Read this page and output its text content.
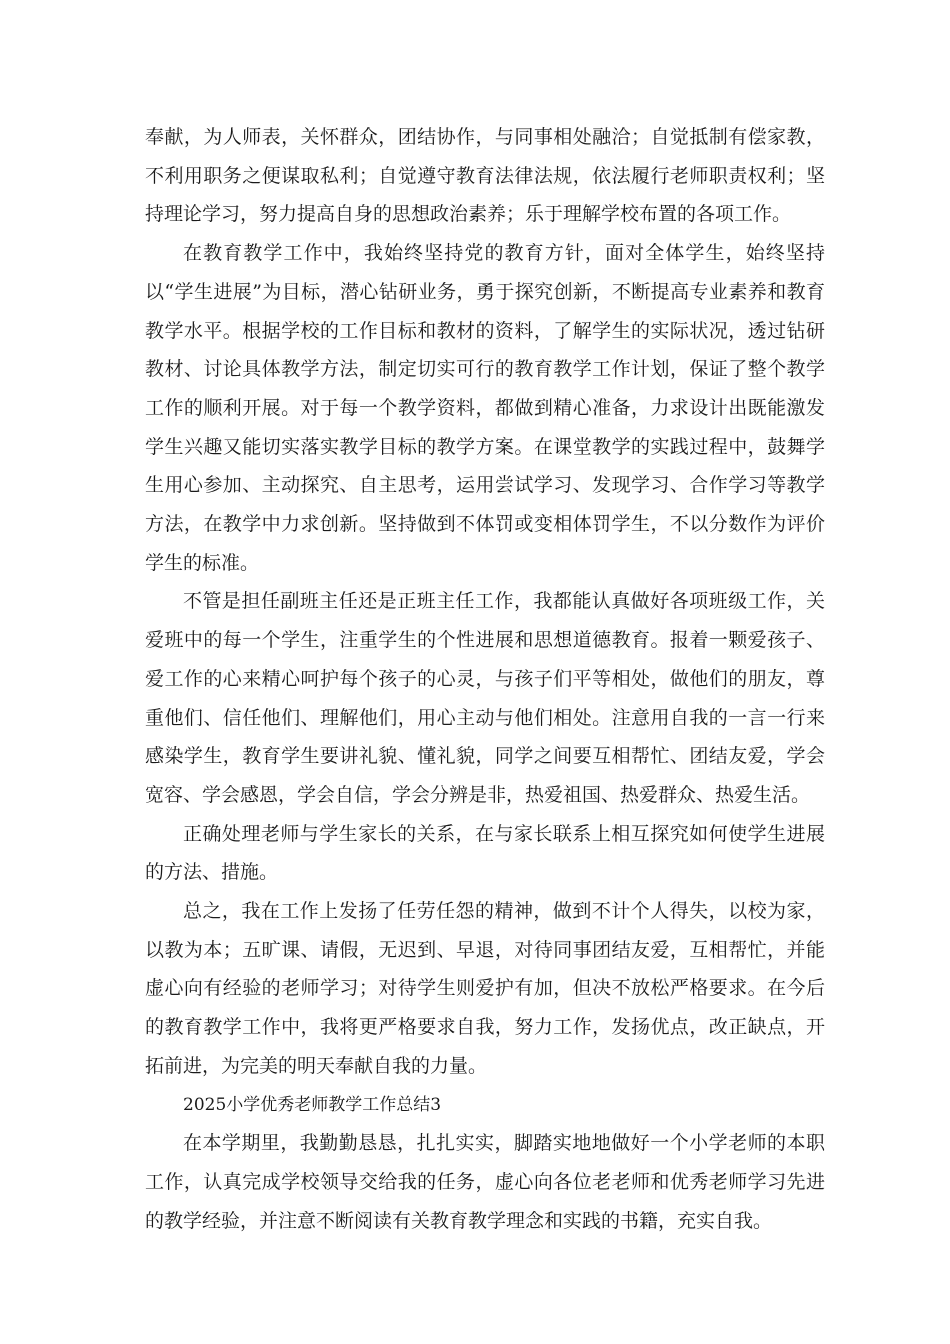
奉献，为人师表，关怀群众，团结协作，与同事相处融洽；自觉抵制有偿家教，不利用职务之便谋取私利；自觉遵守教育法律法规，依法履行老师职责权利；坚持理论学习，努力提高自身的思想政治素养；乐于理解学校布置的各项工作。

在教育教学工作中，我始终坚持党的教育方针，面对全体学生，始终坚持以“学生进展”为目标，潜心钻研业务，勇于探究创新，不断提高专业素养和教育教学水平。根据学校的工作目标和教材的资料，了解学生的实际状况，透过钻研教材、讨论具体教学方法，制定切实可行的教育教学工作计划，保证了整个教学工作的顺利开展。对于每一个教学资料，都做到精心准备，力求设计出既能激发学生兴趣又能切实落实教学目标的教学方案。在课堂教学的实践过程中，鼓舞学生用心参加、主动探究、自主思考，运用尝试学习、发现学习、合作学习等教学方法，在教学中力求创新。坚持做到不体罚或变相体罚学生，不以分数作为评价学生的标准。

不管是担任副班主任还是正班主任工作，我都能认真做好各项班级工作，关爱班中的每一个学生，注重学生的个性进展和思想道德教育。报着一颗爱孩子、爱工作的心来精心呵护每个孩子的心灵，与孩子们平等相处，做他们的朋友，尊重他们、信任他们、理解他们，用心主动与他们相处。注意用自我的一言一行来感染学生，教育学生要讲礼貌、懂礼貌，同学之间要互相帮忙、团结友爱，学会宽容、学会感恩，学会自信，学会分辨是非，热爱祖国、热爱群众、热爱生活。

正确处理老师与学生家长的关系，在与家长联系上相互探究如何使学生进展的方法、措施。

总之，我在工作上发扬了任劳任怨的精神，做到不计个人得失，以校为家，以教为本；五旷课、请假，无迟到、早退，对待同事团结友爱，互相帮忙，并能虚心向有经验的老师学习；对待学生则爱护有加，但决不放松严格要求。在今后的教育教学工作中，我将更严格要求自我，努力工作，发扬优点，改正缺点，开拓前进，为完美的明天奉献自我的力量。

2025小学优秀老师教学工作总结3

在本学期里，我勤勤恳恳，扎扎实实，脚踏实地地做好一个小学老师的本职工作，认真完成学校领导交给我的任务，虚心向各位老老师和优秀老师学习先进的教学经验，并注意不断阅读有关教育教学理念和实践的书籍，充实自我。
